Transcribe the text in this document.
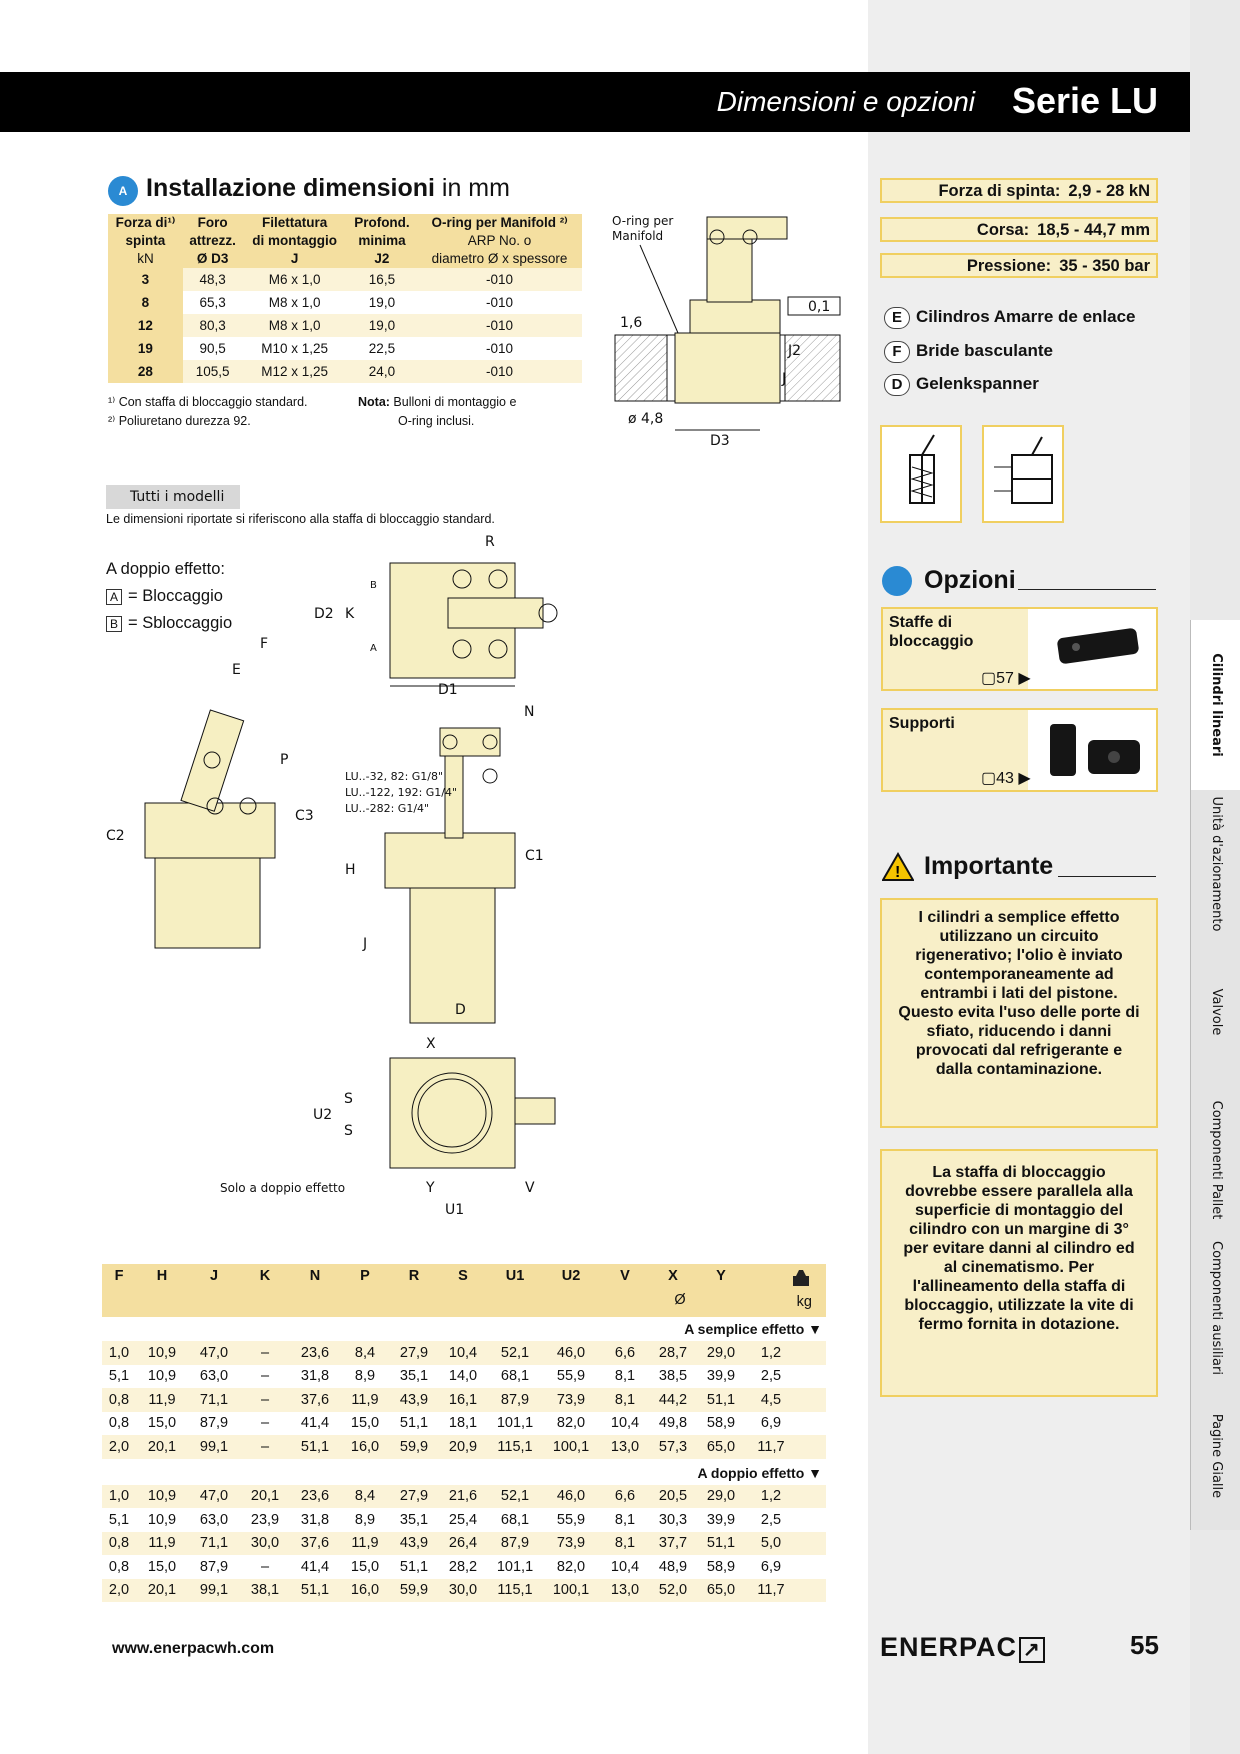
Dimensioni e opzioni Serie LU
A Installazione dimensioni in mm
Forza di¹⁾	Foro	Filettatura	Profond.	O-ring per Manifold ²⁾
spinta	attrezz.	di montaggio	minima	ARP No. o
kN	Ø D3	J	J2	diametro Ø x spessore
3	48,3	M6 x 1,0	16,5	-010
8	65,3	M8 x 1,0	19,0	-010
12	80,3	M8 x 1,0	19,0	-010
19	90,5	M10 x 1,25	22,5	-010
28	105,5	M12 x 1,25	24,0	-010
¹⁾ Con staffa di bloccaggio standard.
²⁾ Poliuretano durezza 92.
Nota: Bulloni di montaggio e
O-ring inclusi.
O-ring per
Manifold
1,6
0,1
J2
J
ø 4,8
D3
Tutti i modelli
Le dimensioni riportate si riferiscono alla staffa di bloccaggio standard.
A doppio effetto:
A = Bloccaggio
B = Sbloccaggio
R
D2 K
B
A
D1
F
E
P
C2
N
LU..-32, 82: G1/8"
LU..-122, 192: G1/4"
LU..-282: G1/4"
C3
H
C1
J
D
X
U2
S
S
Solo a doppio effetto	Y	V
U1
F	H	J	K	N	P	R	S	U1	U2	V	X	Y
Ø	kg
A semplice effetto ▼
1,0	10,9	47,0	–	23,6	8,4	27,9	10,4	52,1	46,0	6,6	28,7	29,0	1,2
5,1	10,9	63,0	–	31,8	8,9	35,1	14,0	68,1	55,9	8,1	38,5	39,9	2,5
0,8	11,9	71,1	–	37,6	11,9	43,9	16,1	87,9	73,9	8,1	44,2	51,1	4,5
0,8	15,0	87,9	–	41,4	15,0	51,1	18,1	101,1	82,0	10,4	49,8	58,9	6,9
2,0	20,1	99,1	–	51,1	16,0	59,9	20,9	115,1	100,1	13,0	57,3	65,0	11,7
A doppio effetto ▼
1,0	10,9	47,0	20,1	23,6	8,4	27,9	21,6	52,1	46,0	6,6	20,5	29,0	1,2
5,1	10,9	63,0	23,9	31,8	8,9	35,1	25,4	68,1	55,9	8,1	30,3	39,9	2,5
0,8	11,9	71,1	30,0	37,6	11,9	43,9	26,4	87,9	73,9	8,1	37,7	51,1	5,0
0,8	15,0	87,9	–	41,4	15,0	51,1	28,2	101,1	82,0	10,4	48,9	58,9	6,9
2,0	20,1	99,1	38,1	51,1	16,0	59,9	30,0	115,1	100,1	13,0	52,0	65,0	11,7
www.enerpacwh.com	ENERPAC ↗	55
Forza di spinta: 2,9 - 28 kN
Corsa: 18,5 - 44,7 mm
Pressione: 35 - 350 bar
E Cilindros Amarre de enlace
F Bride basculante
D Gelenkspanner
Opzioni
Staffe di bloccaggio
▢57 ▶
Supporti
▢43 ▶
! Importante
I cilindri a semplice effetto utilizzano un circuito rigenerativo; l'olio è inviato contemporaneamente ad entrambi i lati del pistone. Questo evita l'uso delle porte di sfiato, riducendo i danni provocati dal refrigerante e dalla contaminazione.
La staffa di bloccaggio dovrebbe essere parallela alla superficie di montaggio del cilindro con un margine di 3° per evitare danni al cilindro ed al cinematismo. Per l'allineamento della staffa di bloccaggio, utilizzate la vite di fermo fornita in dotazione.
Cilindri lineari
Unità d'azionamento
Valvole
Componenti Pallet
Componenti ausiliari
Pagine Gialle
